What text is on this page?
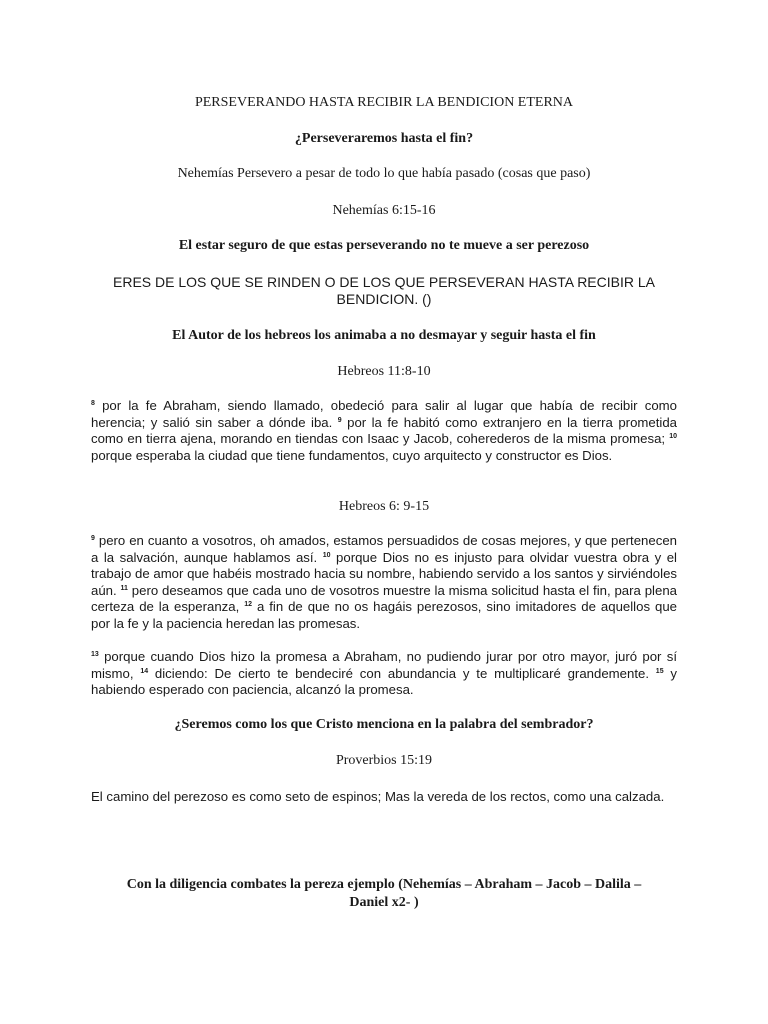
PERSEVERANDO HASTA RECIBIR LA BENDICION ETERNA

¿Perseveraremos hasta el fin?

Nehemías Persevero a pesar de todo lo que había pasado (cosas que paso)

Nehemías 6:15-16

El estar seguro de que estas perseverando no te mueve a ser perezoso

ERES DE LOS QUE SE RINDEN O DE LOS QUE PERSEVERAN HASTA RECIBIR LA
BENDICION. ()

El Autor de los hebreos los animaba a no desmayar y seguir hasta el fin

Hebreos 11:8-10

$^8$ por la fe Abraham, siendo llamado, obedeció para salir al lugar que había de recibir como herencia; y salió sin saber a dónde iba. $^9$ por la fe habitó como extranjero en la tierra prometida como en tierra ajena, morando en tiendas con Isaac y Jacob, coherederos de la misma promesa; $^{10}$ porque esperaba la ciudad que tiene fundamentos, cuyo arquitecto y constructor es Dios.

Hebreos 6: 9-15

$^9$ pero en cuanto a vosotros, oh amados, estamos persuadidos de cosas mejores, y que pertenecen a la salvación, aunque hablamos así. $^{10}$ porque Dios no es injusto para olvidar vuestra obra y el trabajo de amor que habéis mostrado hacia su nombre, habiendo servido a los santos y sirviéndoles aún. $^{11}$ pero deseamos que cada uno de vosotros muestre la misma solicitud hasta el fin, para plena certeza de la esperanza, $^{12}$ a fin de que no os hagáis perezosos, sino imitadores de aquellos que por la fe y la paciencia heredan las promesas.

$^{13}$ porque cuando Dios hizo la promesa a Abraham, no pudiendo jurar por otro mayor, juró por sí mismo, $^{14}$ diciendo: De cierto te bendeciré con abundancia y te multiplicaré grandemente. $^{15}$ y habiendo esperado con paciencia, alcanzó la promesa.

¿Seremos como los que Cristo menciona en la palabra del sembrador?

Proverbios 15:19

El camino del perezoso es como seto de espinos; Mas la vereda de los rectos, como una calzada.

Con la diligencia combates la pereza ejemplo (Nehemías – Abraham – Jacob – Dalila –
Daniel x2- )
